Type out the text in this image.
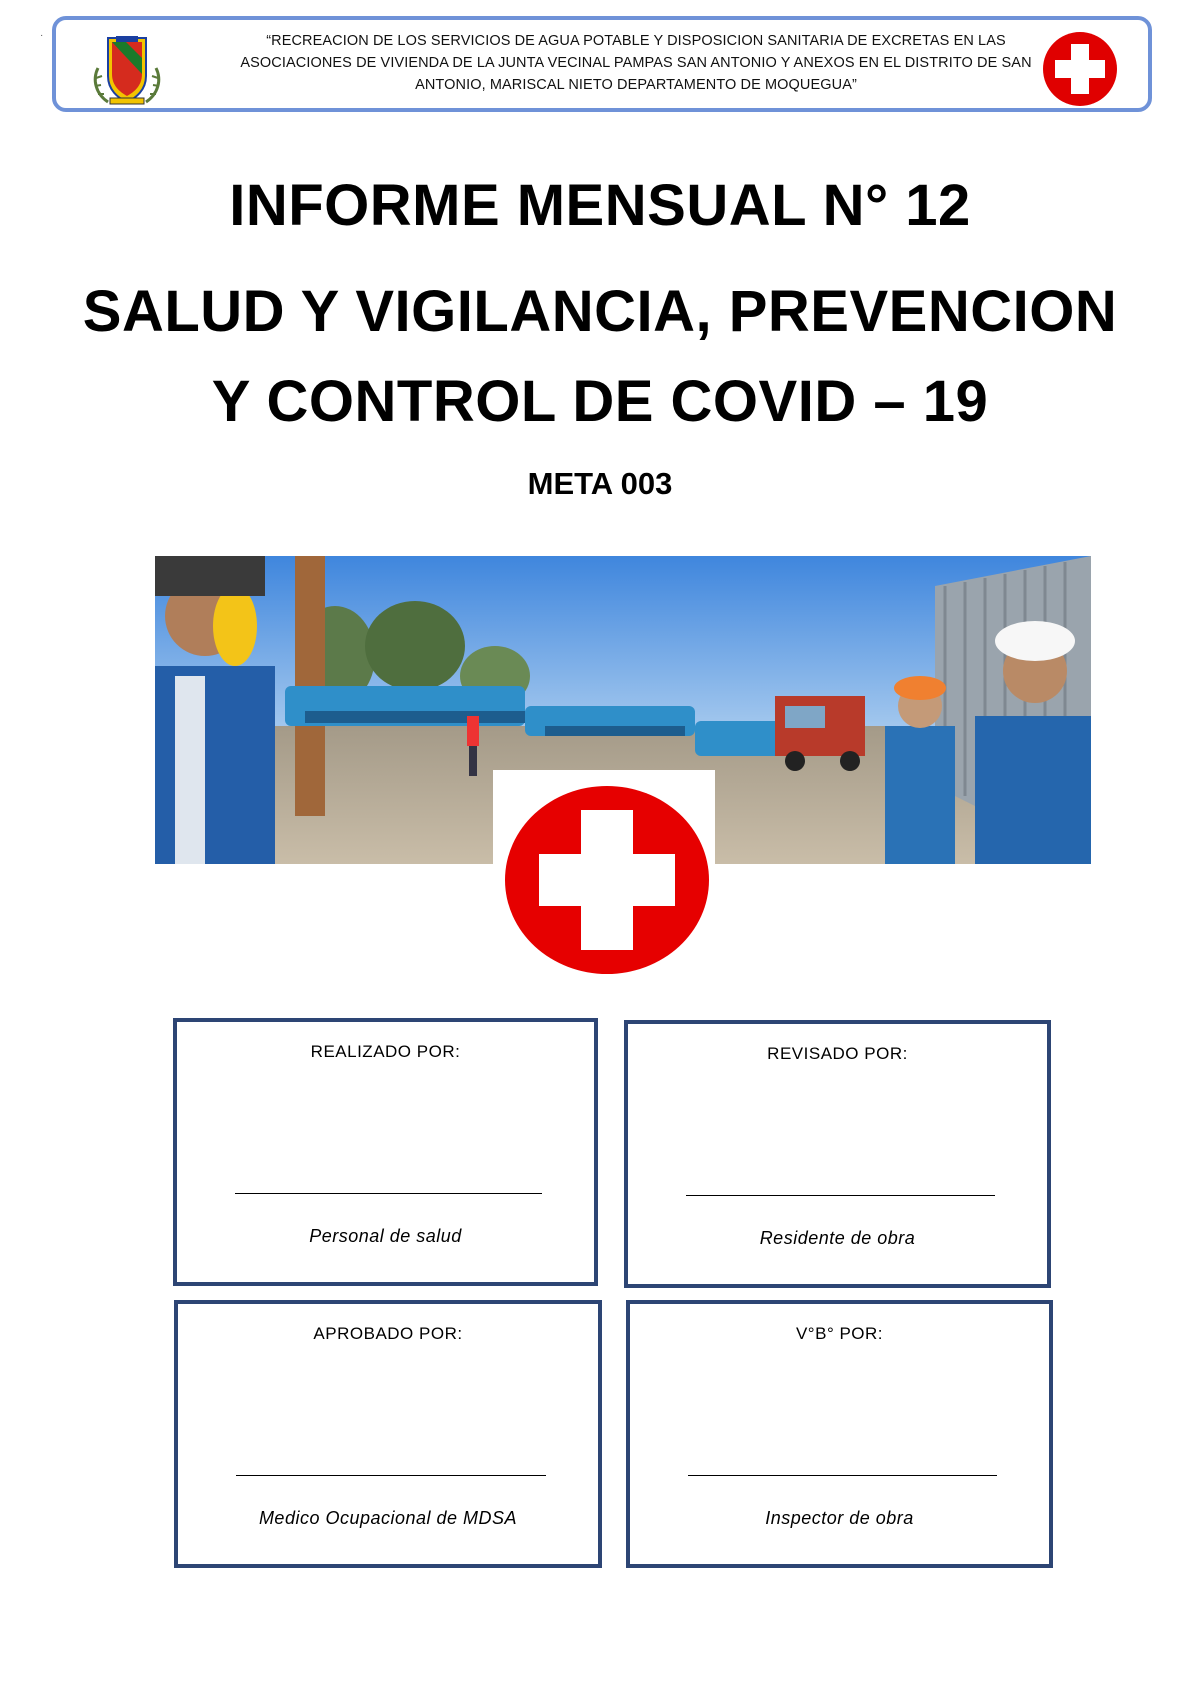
·	“RECREACION DE LOS SERVICIOS DE AGUA POTABLE Y DISPOSICION SANITARIA DE EXCRETAS EN LAS
ASOCIACIONES DE VIVIENDA DE LA JUNTA VECINAL PAMPAS SAN ANTONIO Y ANEXOS EN EL DISTRITO DE SAN
ANTONIO, MARISCAL NIETO DEPARTAMENTO DE MOQUEGUA”
INFORME MENSUAL N° 12
SALUD Y VIGILANCIA, PREVENCION
Y CONTROL DE COVID – 19
META 003
REALIZADO POR:
Personal de salud
REVISADO POR:
Residente de obra
APROBADO POR:
Medico Ocupacional de MDSA
V°B° POR:
Inspector de obra
